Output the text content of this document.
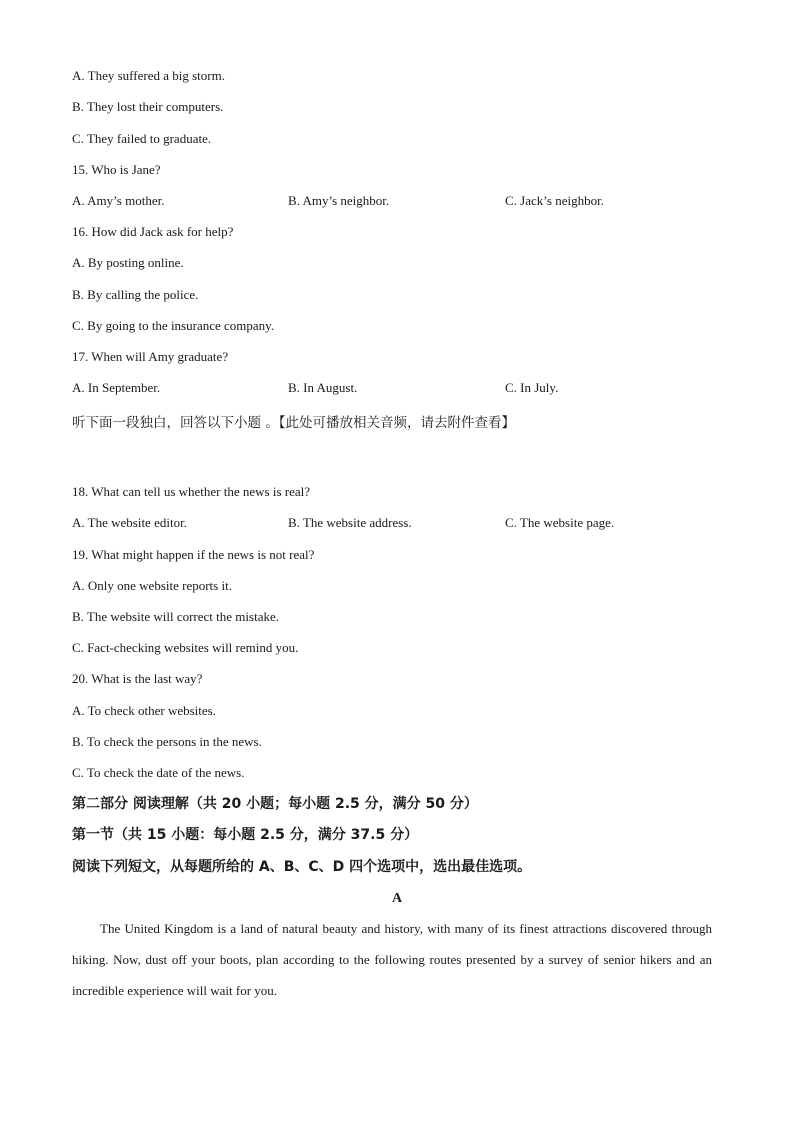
A. They suffered a big storm.
B. They lost their computers.
C. They failed to graduate.
15. Who is Jane?
A. Amy’s mother.	B. Amy’s neighbor.	C. Jack’s neighbor.
16. How did Jack ask for help?
A. By posting online.
B. By calling the police.
C. By going to the insurance company.
17. When will Amy graduate?
A. In September.	B. In August.	C. In July.
听下面一段独白，回答以下小题 。【此处可播放相关音频，请去附件查看】
18. What can tell us whether the news is real?
A. The website editor.	B. The website address.	C. The website page.
19. What might happen if the news is not real?
A. Only one website reports it.
B. The website will correct the mistake.
C. Fact-checking websites will remind you.
20. What is the last way?
A. To check other websites.
B. To check the persons in the news.
C. To check the date of the news.
第二部分 阅读理解（共 20 小题；每小题 2.5 分，满分 50 分）
第一节（共 15 小题：每小题 2.5 分，满分 37.5 分）
阅读下列短文，从每题所给的 A、B、C、D 四个选项中，选出最佳选项。
A
The United Kingdom is a land of natural beauty and history, with many of its finest attractions discovered through hiking. Now, dust off your boots, plan according to the following routes presented by a survey of senior hikers and an incredible experience will wait for you.
